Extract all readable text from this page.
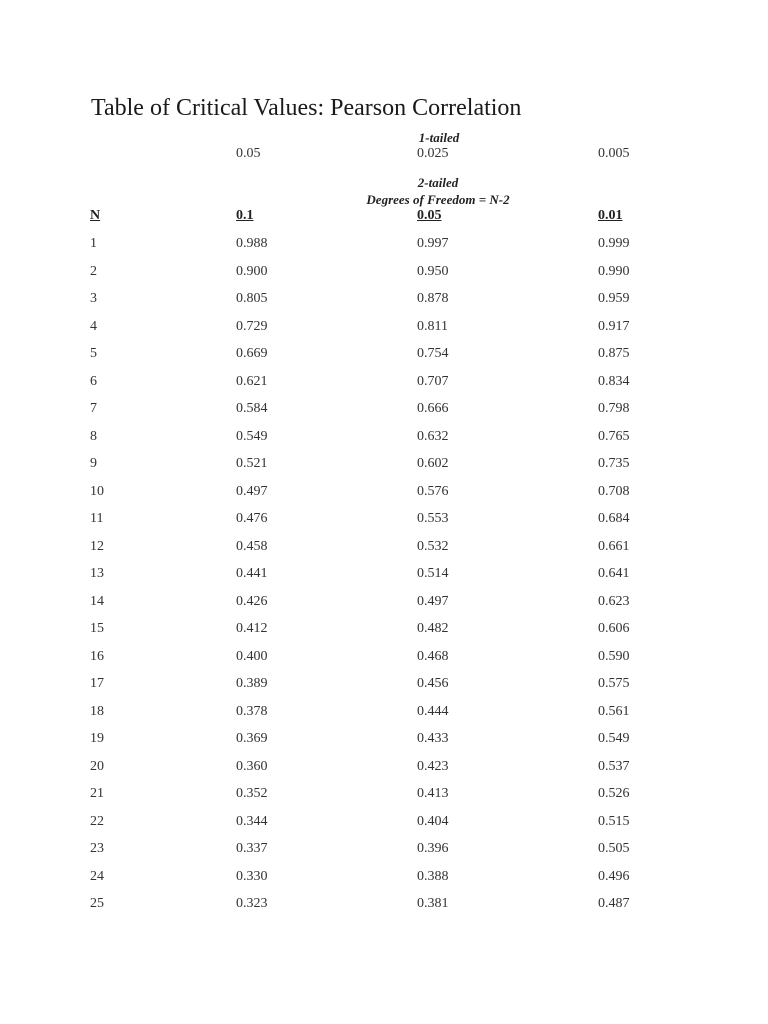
Table of Critical Values: Pearson Correlation
1-tailed
0.05	0.025	0.005
2-tailed
Degrees of Freedom = N-2
N	0.1	0.05	0.01
1	0.988	0.997	0.999
2	0.900	0.950	0.990
3	0.805	0.878	0.959
4	0.729	0.811	0.917
5	0.669	0.754	0.875
6	0.621	0.707	0.834
7	0.584	0.666	0.798
8	0.549	0.632	0.765
9	0.521	0.602	0.735
10	0.497	0.576	0.708
11	0.476	0.553	0.684
12	0.458	0.532	0.661
13	0.441	0.514	0.641
14	0.426	0.497	0.623
15	0.412	0.482	0.606
16	0.400	0.468	0.590
17	0.389	0.456	0.575
18	0.378	0.444	0.561
19	0.369	0.433	0.549
20	0.360	0.423	0.537
21	0.352	0.413	0.526
22	0.344	0.404	0.515
23	0.337	0.396	0.505
24	0.330	0.388	0.496
25	0.323	0.381	0.487
